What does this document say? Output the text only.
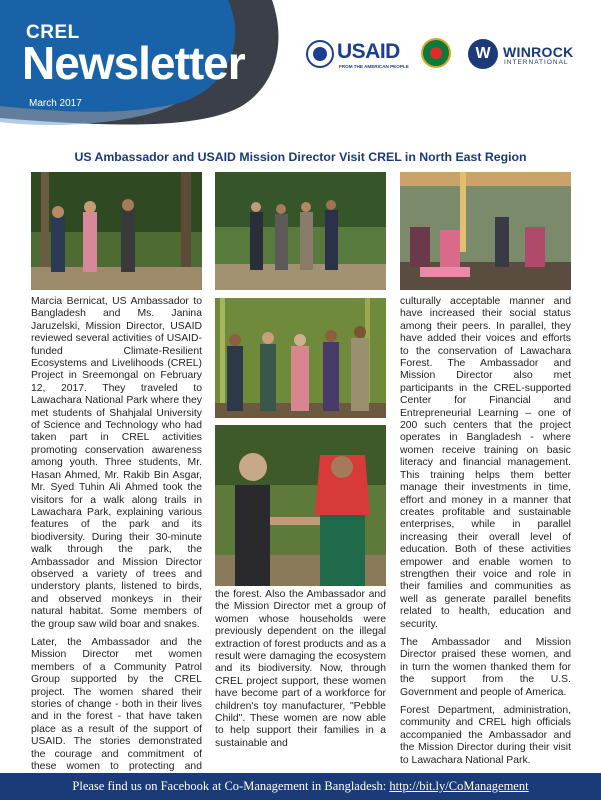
CREL
Newsletter
March 2017
USAID
FROM THE AMERICAN PEOPLE
W WINROCK
INTERNATIONAL
US Ambassador and USAID Mission Director Visit CREL in North East Region

Marcia Bernicat, US Ambassador to Bangladesh and Ms. Janina Jaruzelski, Mission Director, USAID reviewed several activities of USAID-funded Climate-Resilient Ecosystems and Livelihoods (CREL) Project in Sreemongal on February 12, 2017. They traveled to Lawachara National Park where they met students of Shahjalal University of Science and Technology who had taken part in CREL activities promoting conservation awareness among youth. Three students, Mr. Hasan Ahmed, Mr. Rakib Bin Asgar, Mr. Syed Tuhin Ali Ahmed took the visitors for a walk along trails in Lawachara Park, explaining various features of the park and its biodiversity. During their 30-minute walk through the park, the Ambassador and Mission Director observed a variety of trees and understory plants, listened to birds, and observed monkeys in their natural habitat. Some members of the group saw wild boar and snakes.

Later, the Ambassador and the Mission Director met women members of a Community Patrol Group supported by the CREL project. The women shared their stories of change - both in their lives and in the forest - that have taken place as a result of the support of USAID. The stories demonstrated the courage and commitment of these women to protecting and

the forest. Also the Ambassador and the Mission Director met a group of women whose households were previously dependent on the illegal extraction of forest products and as a result were damaging the ecosystem and its biodiversity. Now, through CREL project support, these women have become part of a workforce for children's toy manufacturer, "Pebble Child". These women are now able to help support their families in a sustainable and

culturally acceptable manner and have increased their social status among their peers. In parallel, they have added their voices and efforts to the conservation of Lawachara Forest. The Ambassador and Mission Director also met participants in the CREL-supported Center for Financial and Entrepreneurial Learning – one of 200 such centers that the project operates in Bangladesh - where women receive training on basic literacy and financial management. This training helps them better manage their investments in time, effort and money in a manner that creates profitable and sustainable enterprises, while in parallel increasing their overall level of education. Both of these activities empower and enable women to strengthen their voice and role in their families and communities as well as generate parallel benefits related to health, education and security.

The Ambassador and Mission Director praised these women, and in turn the women thanked them for the support from the U.S. Government and people of America.

Forest Department, administration, community and CREL high officials accompanied the Ambassador and the Mission Director during their visit to Lawachara National Park.

Please find us on Facebook at Co-Management in Bangladesh: http://bit.ly/CoManagement
